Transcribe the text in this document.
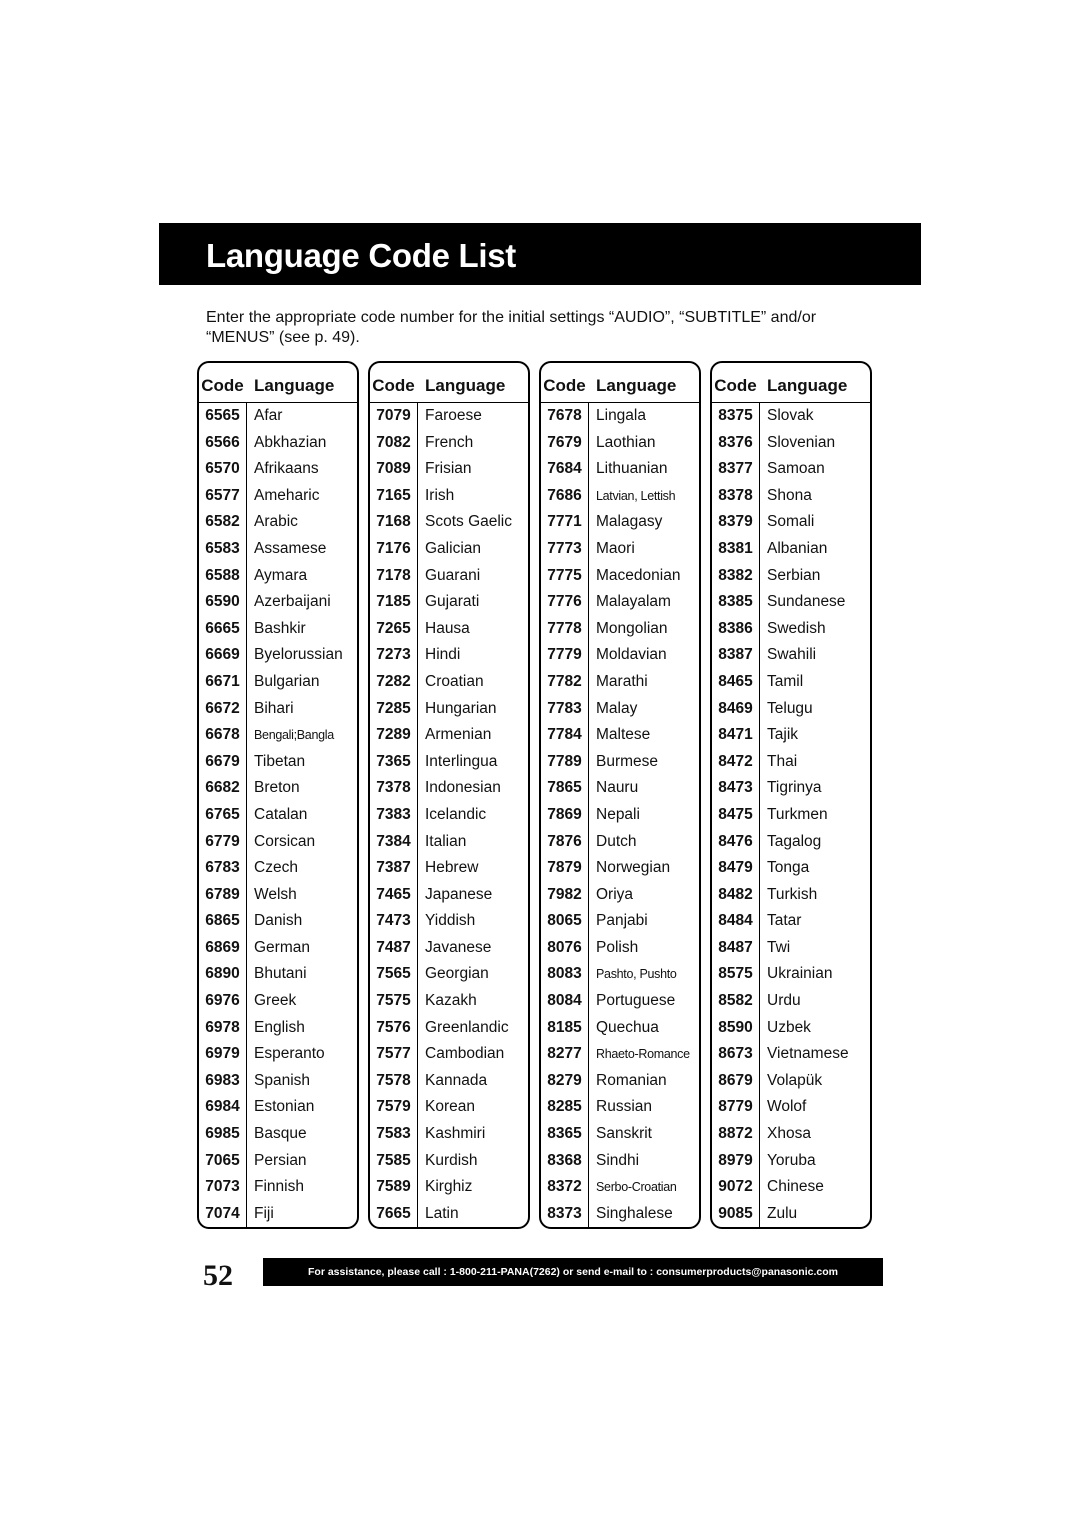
Language Code List

Enter the appropriate code number for the initial settings “AUDIO”, “SUBTITLE” and/or “MENUS” (see p. 49).

Code Language
6565 Afar
6566 Abkhazian
6570 Afrikaans
6577 Ameharic
6582 Arabic
6583 Assamese
6588 Aymara
6590 Azerbaijani
6665 Bashkir
6669 Byelorussian
6671 Bulgarian
6672 Bihari
6678	Bengali;Bangla
6679 Tibetan
6682 Breton
6765 Catalan
6779 Corsican
6783 Czech
6789 Welsh
6865 Danish
6869 German
6890 Bhutani
6976 Greek
6978 English
6979 Esperanto
6983 Spanish
6984 Estonian
6985 Basque
7065 Persian
7073 Finnish
7074 Fiji
Code Language
7079 Faroese
7082 French
7089 Frisian
7165 Irish
7168 Scots Gaelic
7176 Galician
7178 Guarani
7185 Gujarati
7265 Hausa
7273 Hindi
7282 Croatian
7285 Hungarian
7289 Armenian
7365 Interlingua
7378 Indonesian
7383 Icelandic
7384 Italian
7387 Hebrew
7465 Japanese
7473 Yiddish
7487 Javanese
7565 Georgian
7575 Kazakh
7576 Greenlandic
7577 Cambodian
7578 Kannada
7579 Korean
7583 Kashmiri
7585 Kurdish
7589 Kirghiz
7665 Latin
Code Language
7678 Lingala
7679 Laothian
7684 Lithuanian
7686	Latvian, Lettish
7771 Malagasy
7773 Maori
7775 Macedonian
7776 Malayalam
7778 Mongolian
7779 Moldavian
7782 Marathi
7783 Malay
7784 Maltese
7789 Burmese
7865 Nauru
7869 Nepali
7876 Dutch
7879 Norwegian
7982 Oriya
8065 Panjabi
8076 Polish
8083	Pashto, Pushto
8084 Portuguese
8185 Quechua
8277	Rhaeto-Romance
8279 Romanian
8285 Russian
8365 Sanskrit
8368 Sindhi
8372	Serbo-Croatian
8373 Singhalese
Code Language
8375 Slovak
8376 Slovenian
8377 Samoan
8378 Shona
8379 Somali
8381 Albanian
8382 Serbian
8385 Sundanese
8386 Swedish
8387 Swahili
8465 Tamil
8469 Telugu
8471 Tajik
8472 Thai
8473 Tigrinya
8475 Turkmen
8476 Tagalog
8479 Tonga
8482 Turkish
8484 Tatar
8487 Twi
8575 Ukrainian
8582 Urdu
8590 Uzbek
8673 Vietnamese
8679 Volapük
8779 Wolof
8872 Xhosa
8979 Yoruba
9072 Chinese
9085 Zulu

52	For assistance, please call : 1-800-211-PANA(7262) or send e-mail to : consumerproducts@panasonic.com
